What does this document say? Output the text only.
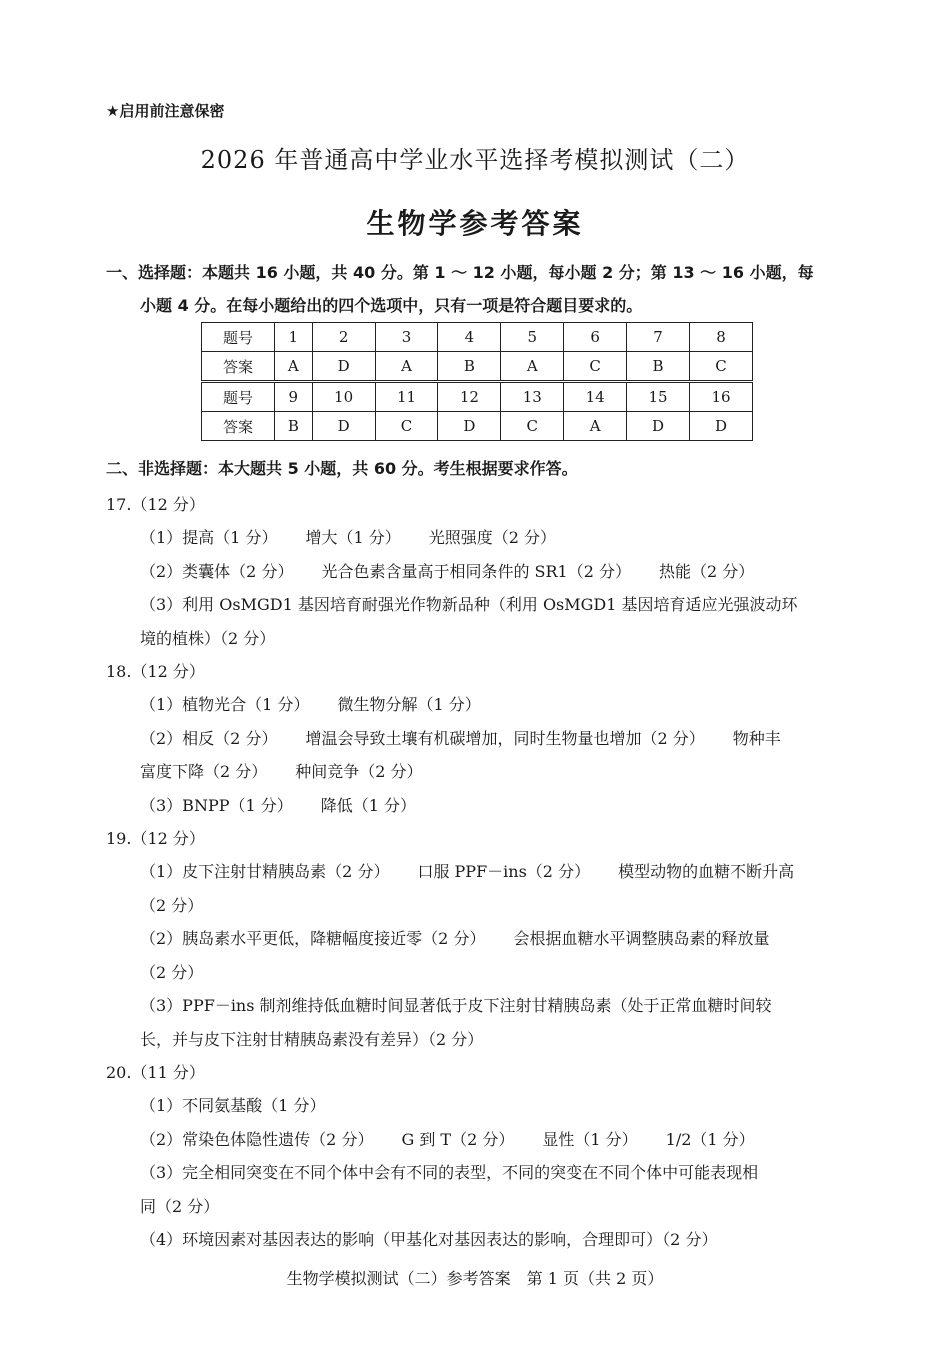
★启用前注意保密
2026 年普通高中学业水平选择考模拟测试（二）
生物学参考答案
一、选择题：本题共 16 小题，共 40 分。第 1 ～ 12 小题，每小题 2 分；第 13 ～ 16 小题，每
小题 4 分。在每小题给出的四个选项中，只有一项是符合题目要求的。
题号	1	2	3	4	5	6	7	8
答案	A	D	A	B	A	C	B	C
题号	9	10	11	12	13	14	15	16
答案	B	D	C	D	C	A	D	D
二、非选择题：本大题共 5 小题，共 60 分。考生根据要求作答。
17.（12 分）
（1）提高（1 分） 增大（1 分） 光照强度（2 分）
（2）类囊体（2 分） 光合色素含量高于相同条件的 SR1（2 分） 热能（2 分）
（3）利用 OsMGD1 基因培育耐强光作物新品种（利用 OsMGD1 基因培育适应光强波动环
境的植株）（2 分）
18.（12 分）
（1）植物光合（1 分） 微生物分解（1 分）
（2）相反（2 分） 增温会导致土壤有机碳增加，同时生物量也增加（2 分） 物种丰
富度下降（2 分） 种间竞争（2 分）
（3）BNPP（1 分） 降低（1 分）
19.（12 分）
（1）皮下注射甘精胰岛素（2 分） 口服 PPF－ins（2 分） 模型动物的血糖不断升高
（2 分）
（2）胰岛素水平更低，降糖幅度接近零（2 分） 会根据血糖水平调整胰岛素的释放量
（2 分）
（3）PPF－ins 制剂维持低血糖时间显著低于皮下注射甘精胰岛素（处于正常血糖时间较
长，并与皮下注射甘精胰岛素没有差异）（2 分）
20.（11 分）
（1）不同氨基酸（1 分）
（2）常染色体隐性遗传（2 分） G 到 T（2 分） 显性（1 分） 1/2（1 分）
（3）完全相同突变在不同个体中会有不同的表型，不同的突变在不同个体中可能表现相
同（2 分）
（4）环境因素对基因表达的影响（甲基化对基因表达的影响，合理即可）（2 分）
生物学模拟测试（二）参考答案　第 1 页（共 2 页）
